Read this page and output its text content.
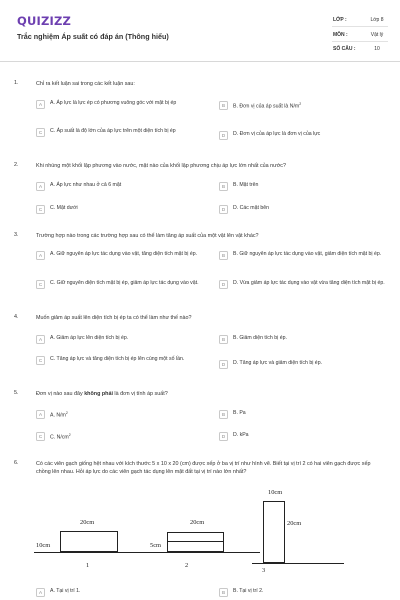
QUIZIZZ
Trắc nghiệm Áp suất có đáp án (Thông hiểu)
LỚP :	Lớp 8
MÔN :	Vật lý
SỐ CÂU :	10
1.	Chỉ ra kết luận sai trong các kết luận sau:
A	A. Áp lực là lực ép có phương vuông góc với mặt bị ép	B	B. Đơn vị của áp suất là $N/m^2$
C	C. Áp suất là độ lớn của áp lực trên một diện tích bị ép
D	D. Đơn vị của áp lực là đơn vị của lực
2.	Khi nhúng một khối lập phương vào nước, mặt nào của khối lập phương chịu áp lực lớn nhất của nước?
A	A. Áp lực như nhau ở cả 6 mặt	B	B. Mặt trên
C	C. Mặt dưới	D	D. Các mặt bên
3.	Trường hợp nào trong các trường hợp sau có thể làm tăng áp suất của một vật lên vật khác?
A	A. Giữ nguyên áp lực tác dụng vào vật, tăng diện tích mặt bị ép.	B	B. Giữ nguyên áp lực tác dụng vào vật, giảm diện tích mặt bị ép.
C	C. Giữ nguyên diện tích mặt bị ép, giảm áp lực tác dụng vào vật.	D	D. Vừa giảm áp lực tác dụng vào vật vừa tăng diện tích mặt bị ép.
4.	Muốn giảm áp suất lên diện tích bị ép ta có thể làm như thế nào?
A	A. Giảm áp lực lên diện tích bị ép.	B	B. Giảm diện tích bị ép.
C	C. Tăng áp lực và tăng diện tích bị ép lên cùng một số lần.
D	D. Tăng áp lực và giảm diện tích bị ép.
5.	Đơn vị nào sau đây không phải là đơn vị tính áp suất?
A	A. $N/m^2$	B	B. Pa
C	C. $N/cm^2$	D	D. kPa
6.	Có các viên gạch giống hệt nhau với kích thước 5 x 10 x 20 (cm) được xếp ở ba vị trí như hình vẽ. Biết tại vị trí 2 có hai viên gạch được xếp chồng lên nhau. Hỏi áp lực do các viên gạch tác dụng lên mặt đất tại vị trí nào lớn nhất?
20cm
10cm
1
20cm
5cm
2
10cm
20cm
3
A	A. Tại vị trí 1.	B	B. Tại vị trí 2.
